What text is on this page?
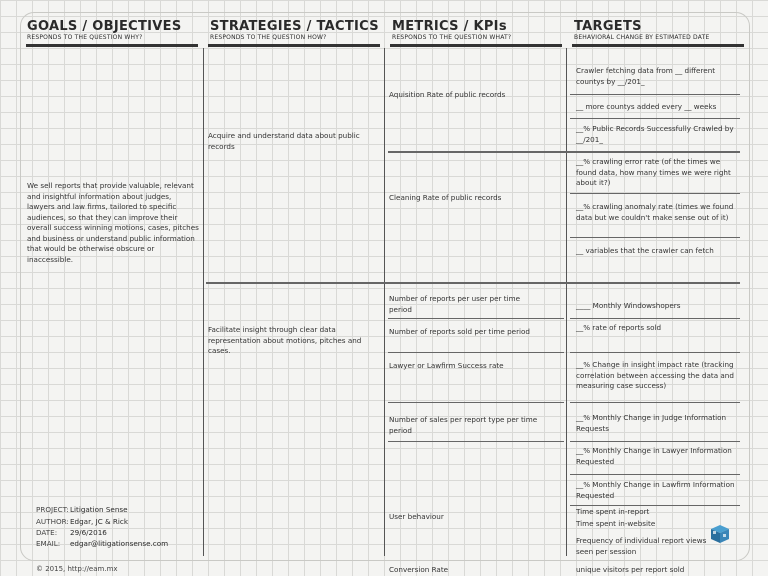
GOALS / OBJECTIVES
RESPONDS TO THE QUESTION WHY?
STRATEGIES / TACTICS
RESPONDS TO THE QUESTION HOW?
METRICS / KPIs
RESPONDS TO THE QUESTION WHAT?
TARGETS
BEHAVIORAL CHANGE BY ESTIMATED DATE
We sell reports that provide valuable, relevant and insightful information about judges, lawyers and law firms, tailored to specific audiences, so that they can improve their overall success winning motions, cases, pitches and business or understand public information that would be otherwise obscure or inaccessible.
Acquire and understand data about public records
Facilitate insight through clear data representation about motions, pitches and cases.
Aquisition Rate of public records
Cleaning Rate of public records
Number of reports per user per time period
Number of reports sold per time period
Lawyer or Lawfirm Success rate
Number of sales per report type per time period
User behaviour
Conversion Rate
Crawler fetching data from __ different countys by __/201_
__ more countys added every __ weeks
__% Public Records Successfully Crawled by __/201_
__% crawling error rate (of the times we found data, how many times we were right about it?)
__% crawling anomaly rate (times we found data but we couldn't make sense out of it)
__ variables that the crawler can fetch
____ Monthly Windowshopers
__% rate of reports sold
__% Change in insight impact rate (tracking correlation between accessing the data and measuring case success)
__% Monthly Change in Judge Information Requests
__% Monthly Change in Lawyer Information Requested
__% Monthly Change in Lawfirm Information Requested
Time spent in-report
Time spent in-website
Frequency of individual report views seen per session
unique visitors per report sold
PROJECT: Litigation Sense
AUTHOR: Edgar, JC & Rick
DATE: 29/6/2016
EMAIL: edgar@litigationsense.com
© 2015, http://eam.mx
